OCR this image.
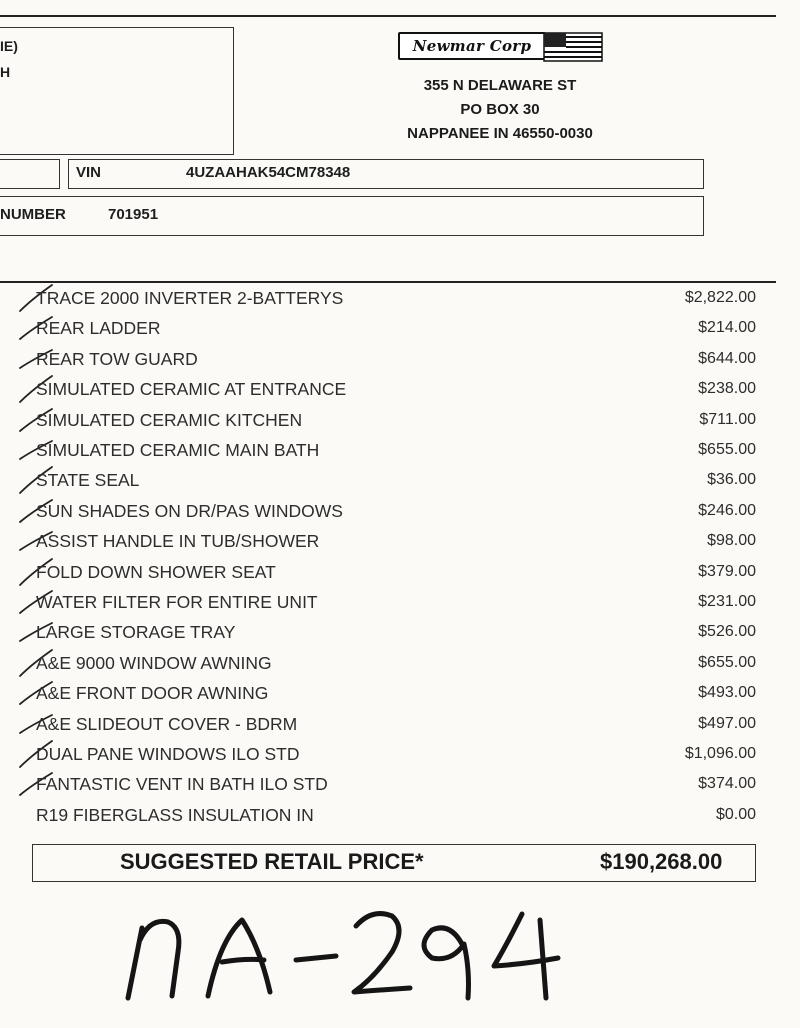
IE)
H
Newmar Corp
355 N DELAWARE ST
PO BOX 30
NAPPANEE IN 46550-0030
VIN	4UZAAHAK54CM78348
NUMBER	701951
TRACE 2000 INVERTER 2-BATTERYS	$2,822.00
REAR LADDER	$214.00
REAR TOW GUARD	$644.00
SIMULATED CERAMIC AT ENTRANCE	$238.00
SIMULATED CERAMIC KITCHEN	$711.00
SIMULATED CERAMIC MAIN BATH	$655.00
STATE SEAL	$36.00
SUN SHADES ON DR/PAS WINDOWS	$246.00
ASSIST HANDLE IN TUB/SHOWER	$98.00
FOLD DOWN SHOWER SEAT	$379.00
WATER FILTER FOR ENTIRE UNIT	$231.00
LARGE STORAGE TRAY	$526.00
A&E 9000 WINDOW AWNING	$655.00
A&E FRONT DOOR AWNING	$493.00
A&E SLIDEOUT COVER - BDRM	$497.00
DUAL PANE WINDOWS ILO STD	$1,096.00
FANTASTIC VENT IN BATH ILO STD	$374.00
R19 FIBERGLASS INSULATION IN	$0.00
SUGGESTED RETAIL PRICE*	$190,268.00
